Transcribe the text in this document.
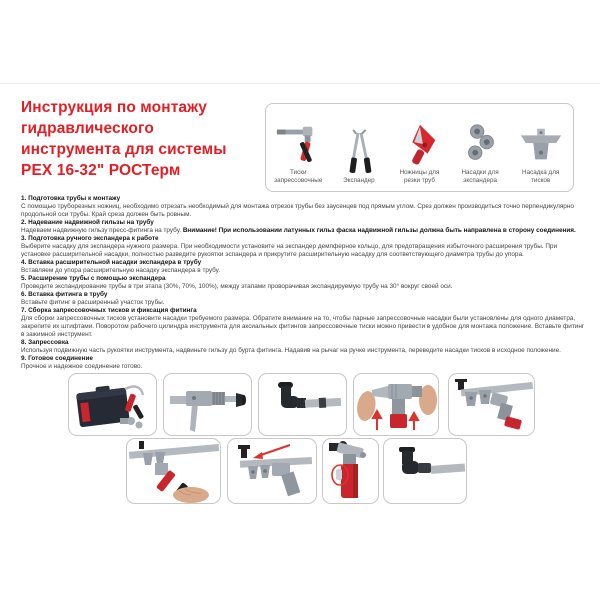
Инструкция по монтажу
гидравлического
инструмента для системы
PEX 16-32" РОСТерм	Тиски
запрессовочные	Экспандер
Ножницы для
резки труб
Насадки для
экспандера
Насадка для
тисков
1. Подготовка трубы к монтажу
С помощью труборезных ножниц, необходимо отрезать необходимый для монтажа отрезок трубы без заусенцев под прямым углом. Срез должен производиться точно перпендикулярно продольной оси трубы. Край среза должен быть ровным.
2. Надевание надвижной гильзы на трубу
Надеваем надвижную гильзу пресс-фитинга на трубу. Внимание! При использовании латунных гильз фаска надвижной гильзы должна быть направлена в сторону соединения.
3. Подготовка ручного экспандера к работе
Выберите насадку для экспандера нужного размера. При необходимости установите на экспандер демпферное кольцо, для предотвращения избыточного расширения трубы. При установке расширительной насадки, полностью разведите рукоятки эспандера и прикрутите расширительную насадку для соответствующего диаметра трубы до упора.
4. Вставка расширительной насадки экспандера в трубу
Вставляем до упора расширительную насадку экспандера в трубу.
5. Расширение трубы с помощью экспандера
Проведите экспандирование трубы в три этапа (30%, 70%, 100%), между этапами проворачивая экспандируемую трубу на 30° вокруг своей оси.
6. Вставка фитинга в трубу
Вставьте фитинг в расширенный участок трубы.
7. Сборка запрессовочных тисков и фиксация фитинга
Для сборки запрессовочных тисков установите насадки требуемого размера. Обратите внимание на то, чтобы парные запрессовочные насадки были установлены для одного диаметра, закрепите их штифтами. Поворотом рабочего цилиндра инструмента для аксиальных фитингов запрессовочные тиски можно привести в удобное для монтажа положение. Вставьте фитинг в зажимной инструмент.
8. Запрессовка
Используя подвижную часть рукоятки инструмента, надвиньте гильзу до бурта фитинга. Надавив на рычаг на ручке инструмента, переведите насадки тисков в исходное положение.
9. Готовое соединение
Прочное и надежное соединение готово.
